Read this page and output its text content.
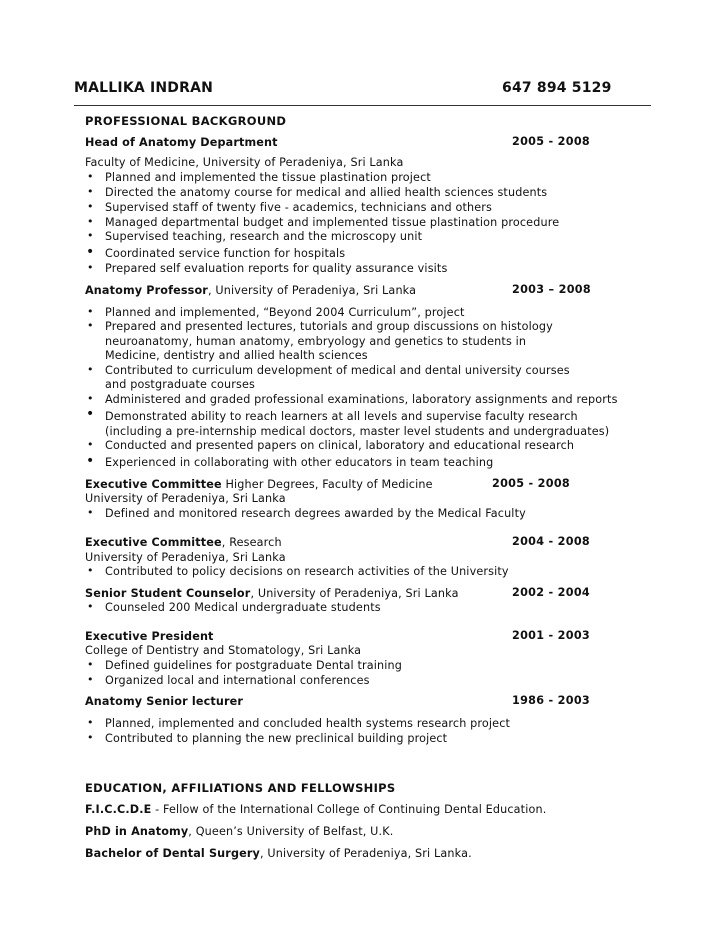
MALLIKA INDRAN	647 894 5129
PROFESSIONAL BACKGROUND
Head of Anatomy Department	2005 - 2008
Faculty of Medicine, University of Peradeniya, Sri Lanka
• Planned and implemented the tissue plastination project
• Directed the anatomy course for medical and allied health sciences students
• Supervised staff of twenty five - academics, technicians and others
• Managed departmental budget and implemented tissue plastination procedure
• Supervised teaching, research and the microscopy unit
• Coordinated service function for hospitals
• Prepared self evaluation reports for quality assurance visits
Anatomy Professor, University of Peradeniya, Sri Lanka	2003 – 2008
• Planned and implemented, “Beyond 2004 Curriculum”, project
• Prepared and presented lectures, tutorials and group discussions on histology
neuroanatomy, human anatomy, embryology and genetics to students in
Medicine, dentistry and allied health sciences
• Contributed to curriculum development of medical and dental university courses
and postgraduate courses
• Administered and graded professional examinations, laboratory assignments and reports
• Demonstrated ability to reach learners at all levels and supervise faculty research
(including a pre-internship medical doctors, master level students and undergraduates)
• Conducted and presented papers on clinical, laboratory and educational research
• Experienced in collaborating with other educators in team teaching
Executive Committee Higher Degrees, Faculty of Medicine	2005 - 2008
University of Peradeniya, Sri Lanka
• Defined and monitored research degrees awarded by the Medical Faculty
Executive Committee, Research	2004 - 2008
University of Peradeniya, Sri Lanka
• Contributed to policy decisions on research activities of the University
Senior Student Counselor, University of Peradeniya, Sri Lanka	2002 - 2004
• Counseled 200 Medical undergraduate students
Executive President	2001 - 2003
College of Dentistry and Stomatology, Sri Lanka
• Defined guidelines for postgraduate Dental training
• Organized local and international conferences
Anatomy Senior lecturer	1986 - 2003
• Planned, implemented and concluded health systems research project
• Contributed to planning the new preclinical building project
EDUCATION, AFFILIATIONS AND FELLOWSHIPS
F.I.C.C.D.E - Fellow of the International College of Continuing Dental Education.
PhD in Anatomy, Queen’s University of Belfast, U.K.
Bachelor of Dental Surgery, University of Peradeniya, Sri Lanka.
